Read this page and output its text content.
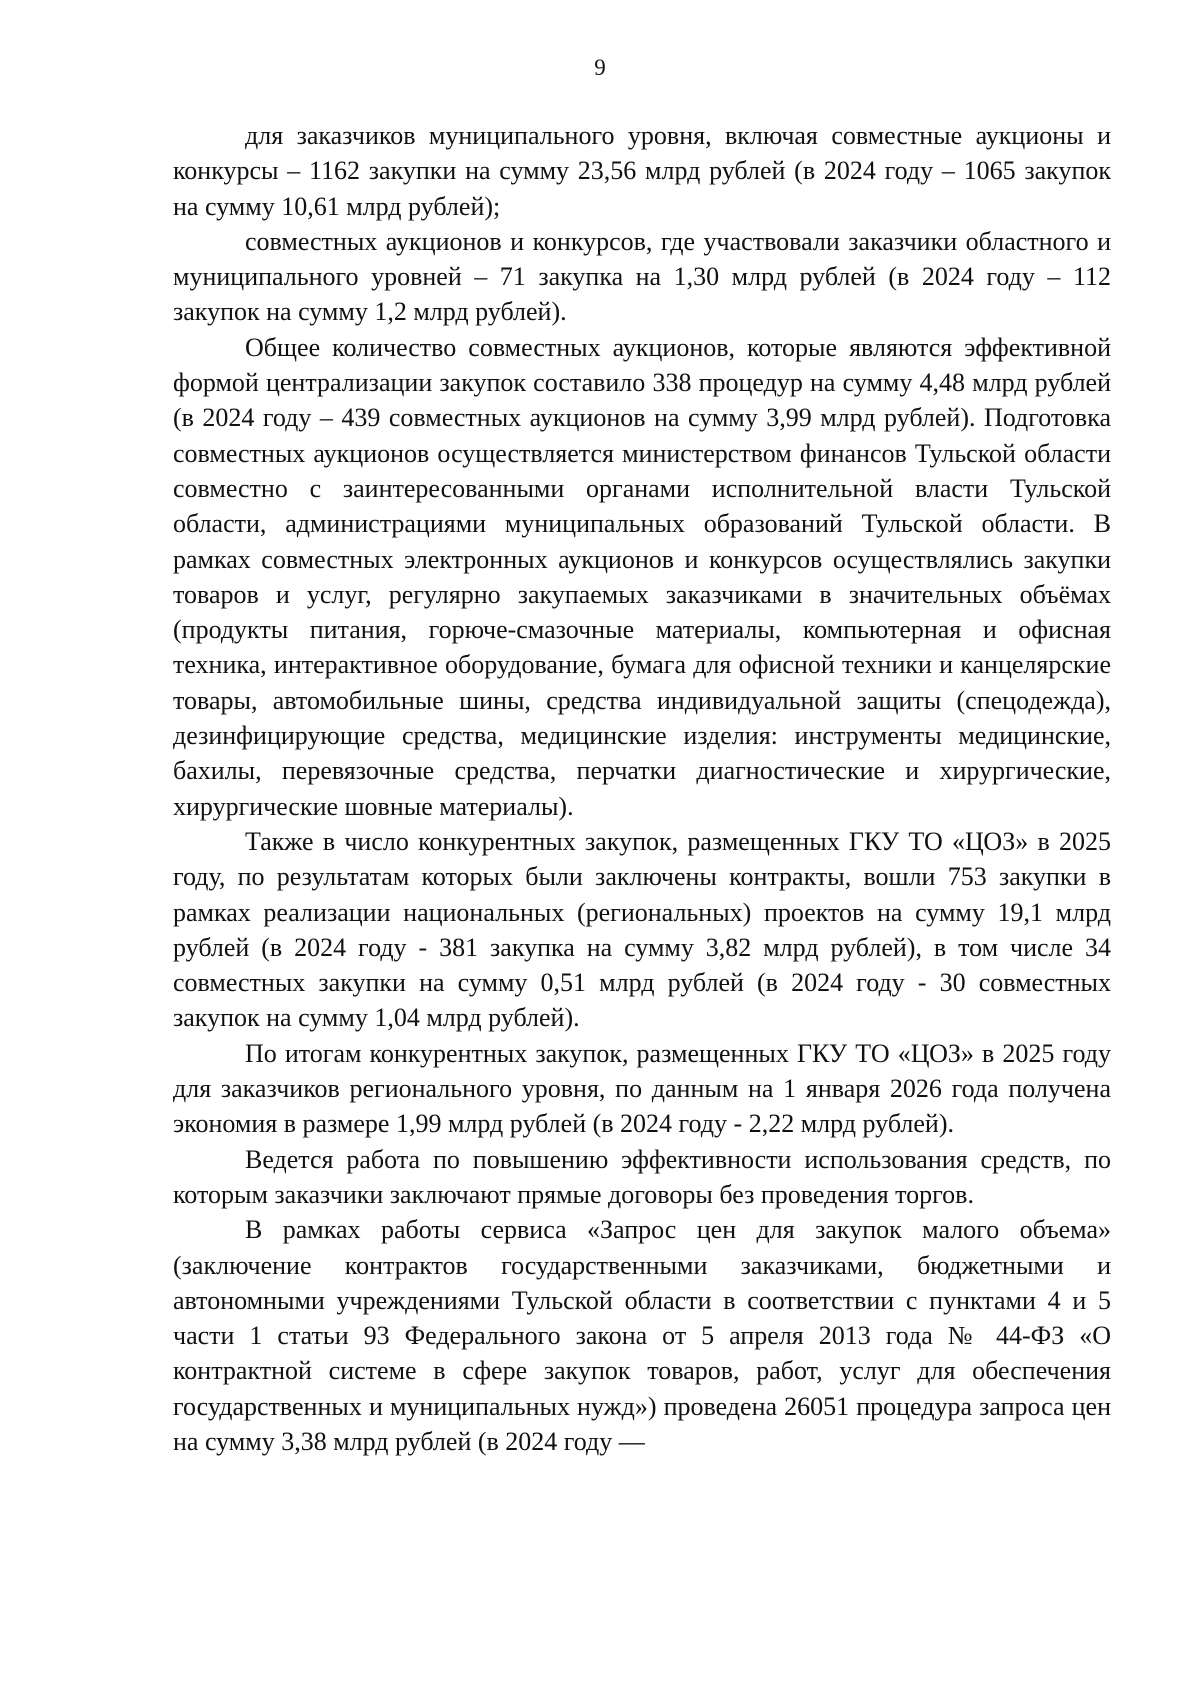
9

для заказчиков муниципального уровня, включая совместные аукционы и конкурсы – 1162 закупки на сумму 23,56 млрд рублей (в 2024 году – 1065 закупок на сумму 10,61 млрд рублей);

совместных аукционов и конкурсов, где участвовали заказчики областного и муниципального уровней – 71 закупка на 1,30 млрд рублей (в 2024 году – 112 закупок на сумму 1,2 млрд рублей).

Общее количество совместных аукционов, которые являются эффективной формой централизации закупок составило 338 процедур на сумму 4,48 млрд рублей (в 2024 году – 439 совместных аукционов на сумму 3,99 млрд рублей). Подготовка совместных аукционов осуществляется министерством финансов Тульской области совместно с заинтересованными органами исполнительной власти Тульской области, администрациями муниципальных образований Тульской области. В рамках совместных электронных аукционов и конкурсов осуществлялись закупки товаров и услуг, регулярно закупаемых заказчиками в значительных объёмах (продукты питания, горюче-смазочные материалы, компьютерная и офисная техника, интерактивное оборудование, бумага для офисной техники и канцелярские товары, автомобильные шины, средства индивидуальной защиты (спецодежда), дезинфицирующие средства, медицинские изделия: инструменты медицинские, бахилы, перевязочные средства, перчатки диагностические и хирургические, хирургические шовные материалы).

Также в число конкурентных закупок, размещенных ГКУ ТО «ЦОЗ» в 2025 году, по результатам которых были заключены контракты, вошли 753 закупки в рамках реализации национальных (региональных) проектов на сумму 19,1 млрд рублей (в 2024 году - 381 закупка на сумму 3,82 млрд рублей), в том числе 34 совместных закупки на сумму 0,51 млрд рублей (в 2024 году - 30 совместных закупок на сумму 1,04 млрд рублей).

По итогам конкурентных закупок, размещенных ГКУ ТО «ЦОЗ» в 2025 году для заказчиков регионального уровня, по данным на 1 января 2026 года получена экономия в размере 1,99 млрд рублей (в 2024 году - 2,22 млрд рублей).

Ведется работа по повышению эффективности использования средств, по которым заказчики заключают прямые договоры без проведения торгов.

В рамках работы сервиса «Запрос цен для закупок малого объема» (заключение контрактов государственными заказчиками, бюджетными и автономными учреждениями Тульской области в соответствии с пунктами 4 и 5 части 1 статьи 93 Федерального закона от 5 апреля 2013 года № 44-ФЗ «О контрактной системе в сфере закупок товаров, работ, услуг для обеспечения государственных и муниципальных нужд») проведена 26051 процедура запроса цен на сумму 3,38 млрд рублей (в 2024 году —
